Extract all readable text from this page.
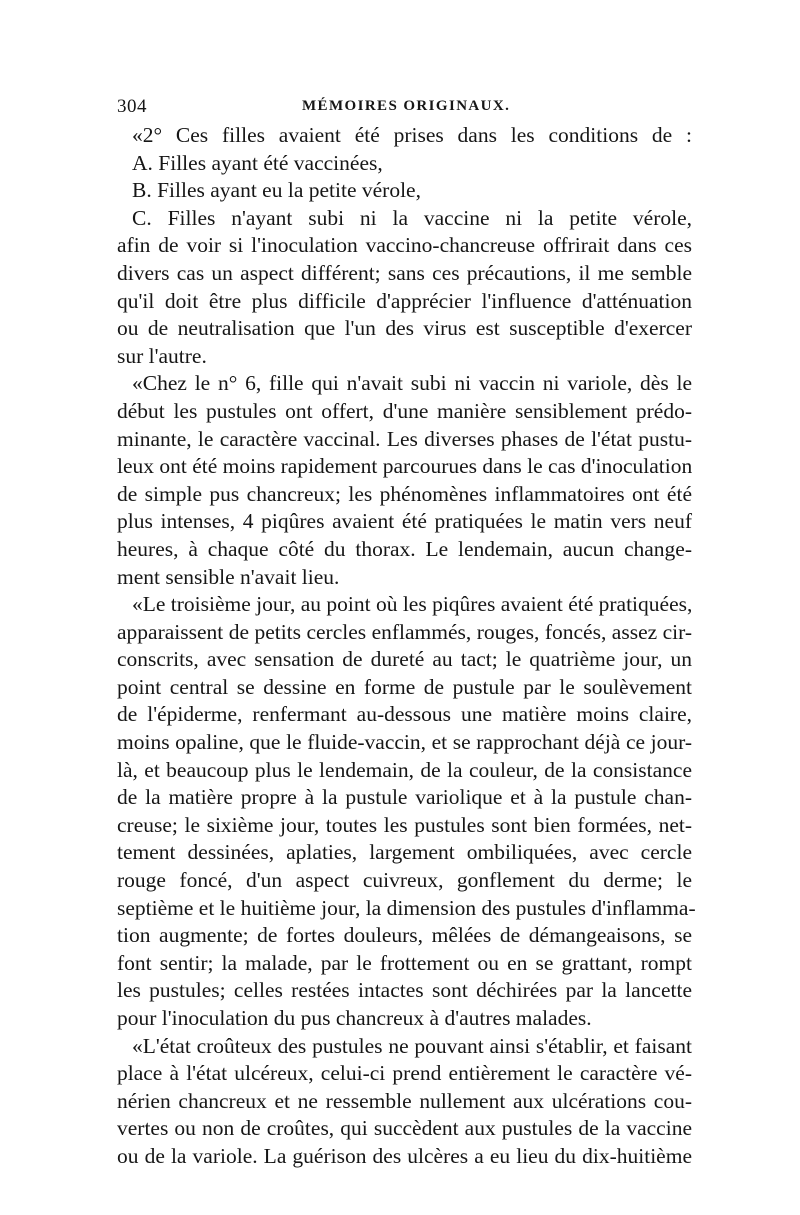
304	MÉMOIRES ORIGINAUX.
«2° Ces filles avaient été prises dans les conditions de :
A. Filles ayant été vaccinées,
B. Filles ayant eu la petite vérole,
C. Filles n'ayant subi ni la vaccine ni la petite vérole,
afin de voir si l'inoculation vaccino-chancreuse offrirait dans ces
divers cas un aspect différent; sans ces précautions, il me semble
qu'il doit être plus difficile d'apprécier l'influence d'atténuation
ou de neutralisation que l'un des virus est susceptible d'exercer
sur l'autre.
«Chez le n° 6, fille qui n'avait subi ni vaccin ni variole, dès le
début les pustules ont offert, d'une manière sensiblement prédo-
minante, le caractère vaccinal. Les diverses phases de l'état pustu-
leux ont été moins rapidement parcourues dans le cas d'inoculation
de simple pus chancreux; les phénomènes inflammatoires ont été
plus intenses, 4 piqûres avaient été pratiquées le matin vers neuf
heures, à chaque côté du thorax. Le lendemain, aucun change-
ment sensible n'avait lieu.
«Le troisième jour, au point où les piqûres avaient été pratiquées,
apparaissent de petits cercles enflammés, rouges, foncés, assez cir-
conscrits, avec sensation de dureté au tact; le quatrième jour, un
point central se dessine en forme de pustule par le soulèvement
de l'épiderme, renfermant au-dessous une matière moins claire,
moins opaline, que le fluide-vaccin, et se rapprochant déjà ce jour-
là, et beaucoup plus le lendemain, de la couleur, de la consistance
de la matière propre à la pustule variolique et à la pustule chan-
creuse; le sixième jour, toutes les pustules sont bien formées, net-
tement dessinées, aplaties, largement ombiliquées, avec cercle
rouge foncé, d'un aspect cuivreux, gonflement du derme; le
septième et le huitième jour, la dimension des pustules d'inflamma-
tion augmente; de fortes douleurs, mêlées de démangeaisons, se
font sentir; la malade, par le frottement ou en se grattant, rompt
les pustules; celles restées intactes sont déchirées par la lancette
pour l'inoculation du pus chancreux à d'autres malades.
«L'état croûteux des pustules ne pouvant ainsi s'établir, et faisant
place à l'état ulcéreux, celui-ci prend entièrement le caractère vé-
nérien chancreux et ne ressemble nullement aux ulcérations cou-
vertes ou non de croûtes, qui succèdent aux pustules de la vaccine
ou de la variole. La guérison des ulcères a eu lieu du dix-huitième
